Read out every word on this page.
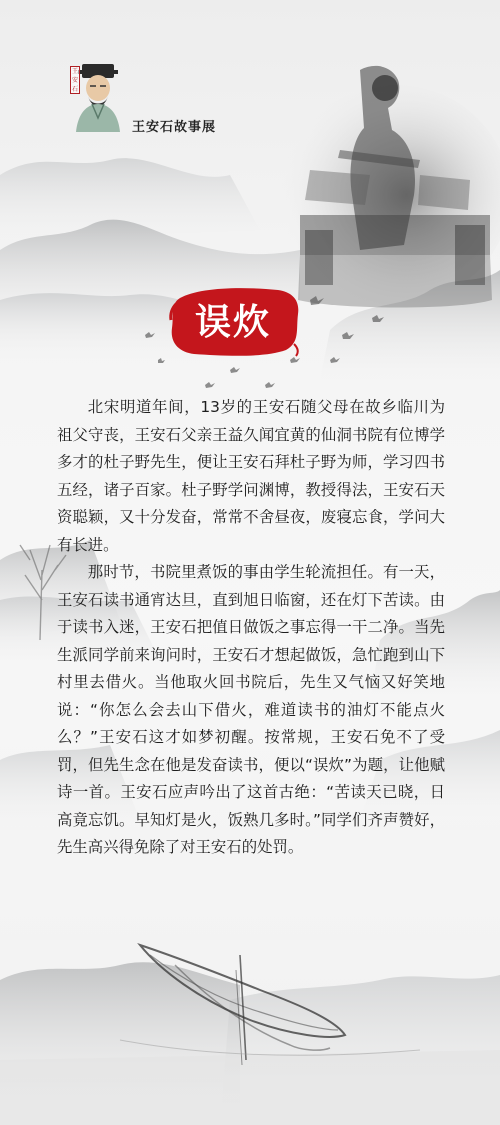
王安石
王安石故事展
误炊

北宋明道年间，13岁的王安石随父母在故乡临川为祖父守丧，王安石父亲王益久闻宜黄的仙洞书院有位博学多才的杜子野先生，便让王安石拜杜子野为师，学习四书五经，诸子百家。杜子野学问渊博，教授得法，王安石天资聪颖，又十分发奋，常常不舍昼夜，废寝忘食，学问大有长进。

那时节，书院里煮饭的事由学生轮流担任。有一天，王安石读书通宵达旦，直到旭日临窗，还在灯下苦读。由于读书入迷，王安石把值日做饭之事忘得一干二净。当先生派同学前来询问时，王安石才想起做饭，急忙跑到山下村里去借火。当他取火回书院后，先生又气恼又好笑地说：“你怎么会去山下借火，难道读书的油灯不能点火么？”王安石这才如梦初醒。按常规，王安石免不了受罚，但先生念在他是发奋读书，便以“误炊”为题，让他赋诗一首。王安石应声吟出了这首古绝：“苦读天已晓，日高竟忘饥。早知灯是火，饭熟几多时。”同学们齐声赞好，先生高兴得免除了对王安石的处罚。
